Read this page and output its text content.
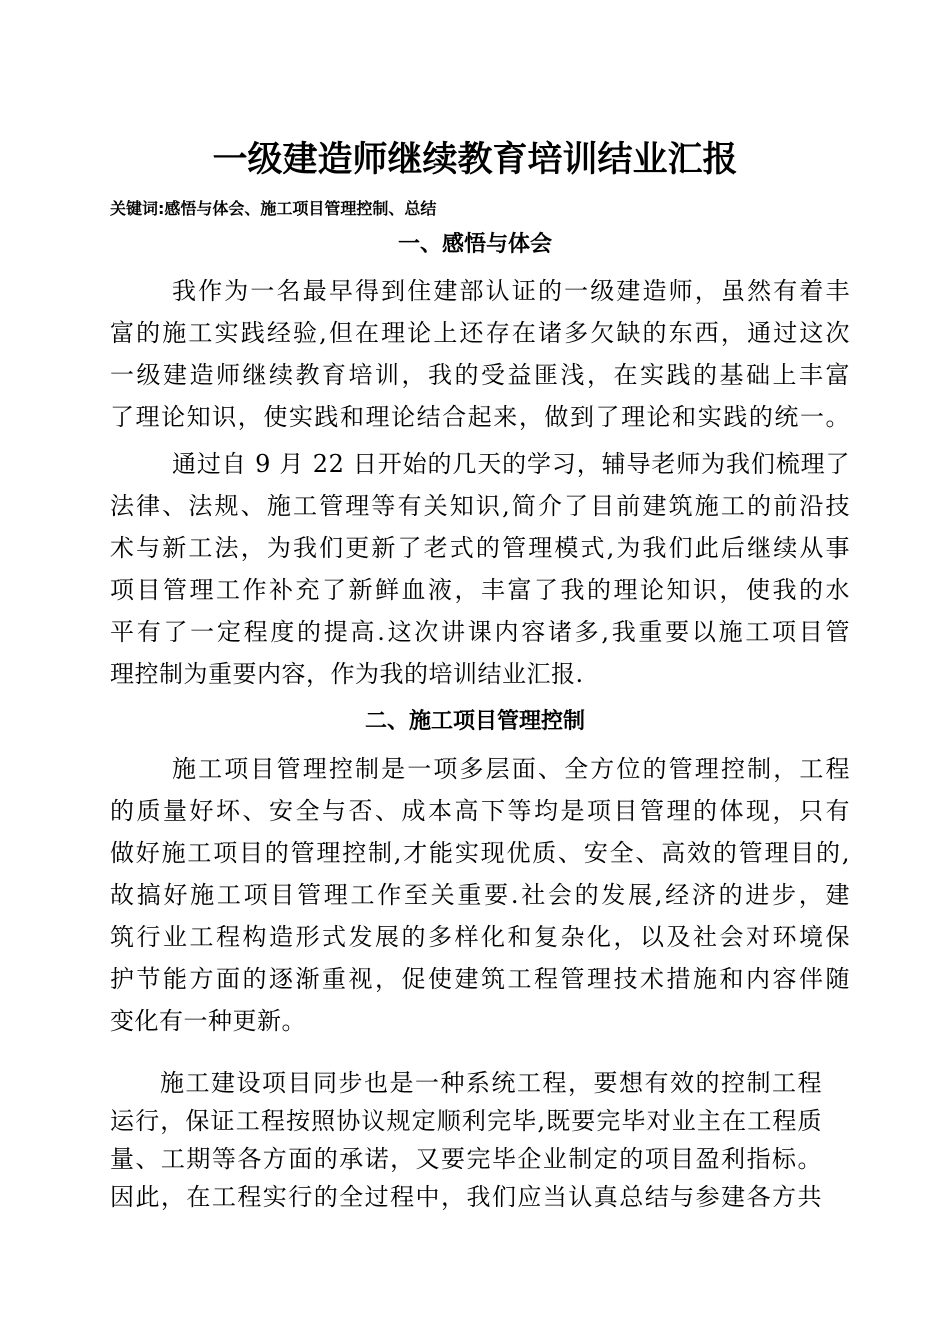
一级建造师继续教育培训结业汇报
关键词:感悟与体会、施工项目管理控制、总结
一、感悟与体会
我作为一名最早得到住建部认证的一级建造师，虽然有着丰
富的施工实践经验,但在理论上还存在诸多欠缺的东西，通过这次
一级建造师继续教育培训，我的受益匪浅，在实践的基础上丰富
了理论知识，使实践和理论结合起来，做到了理论和实践的统一。
通过自 9 月 22 日开始的几天的学习，辅导老师为我们梳理了
法律、法规、施工管理等有关知识,简介了目前建筑施工的前沿技
术与新工法，为我们更新了老式的管理模式,为我们此后继续从事
项目管理工作补充了新鲜血液，丰富了我的理论知识，使我的水
平有了一定程度的提高.这次讲课内容诸多,我重要以施工项目管
理控制为重要内容，作为我的培训结业汇报.
二、施工项目管理控制
施工项目管理控制是一项多层面、全方位的管理控制，工程
的质量好坏、安全与否、成本高下等均是项目管理的体现，只有
做好施工项目的管理控制,才能实现优质、安全、高效的管理目的,
故搞好施工项目管理工作至关重要.社会的发展,经济的进步，建
筑行业工程构造形式发展的多样化和复杂化，以及社会对环境保
护节能方面的逐渐重视，促使建筑工程管理技术措施和内容伴随
变化有一种更新。
施工建设项目同步也是一种系统工程，要想有效的控制工程
运行，保证工程按照协议规定顺利完毕,既要完毕对业主在工程质
量、工期等各方面的承诺，又要完毕企业制定的项目盈利指标。
因此，在工程实行的全过程中，我们应当认真总结与参建各方共
